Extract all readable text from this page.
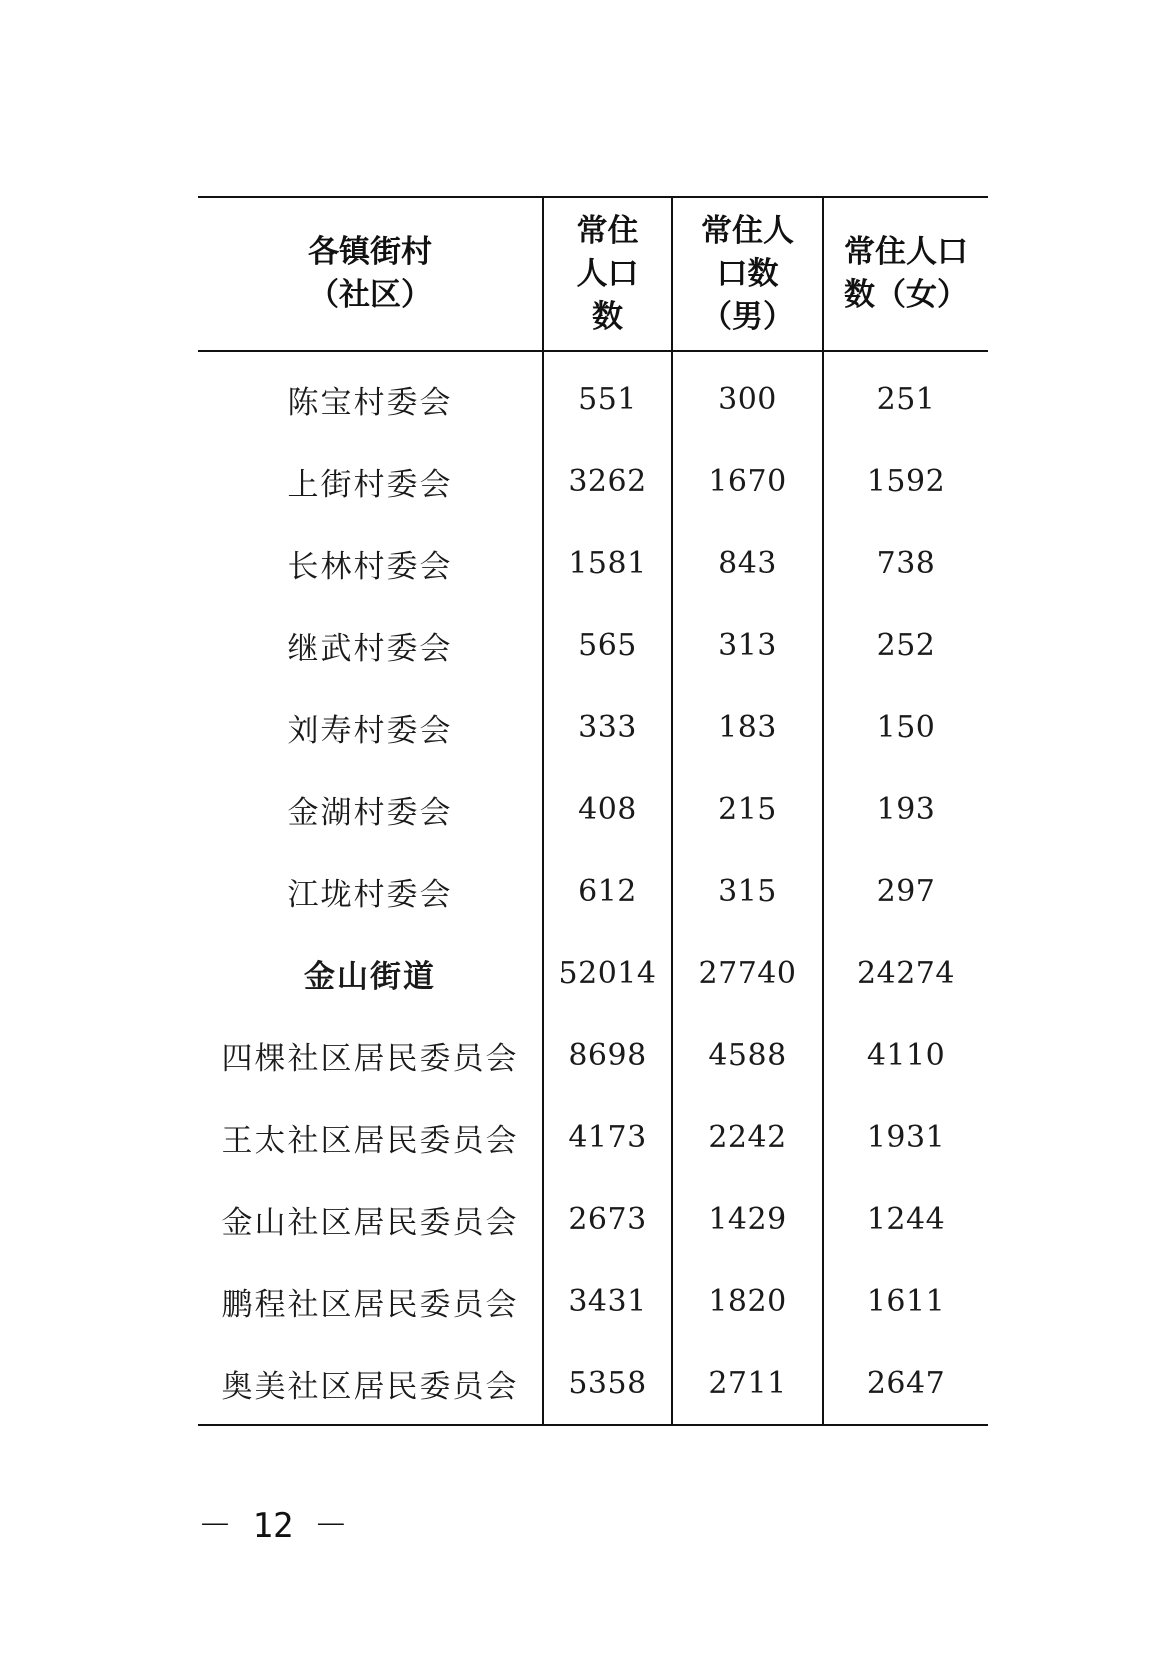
各镇街村
（社区）	常住
人口
数	常住人
口数
（男）	常住人口
数（女）

陈宝村委会	551	300	251
上街村委会	3262	1670	1592
长林村委会	1581	843	738
继武村委会	565	313	252
刘寿村委会	333	183	150
金湖村委会	408	215	193
江垅村委会	612	315	297
金山街道	52014	27740	24274
四棵社区居民委员会	8698	4588	4110
王太社区居民委员会	4173	2242	1931
金山社区居民委员会	2673	1429	1244
鹏程社区居民委员会	3431	1820	1611
奥美社区居民委员会	5358	2711	2647
－ 12 －
